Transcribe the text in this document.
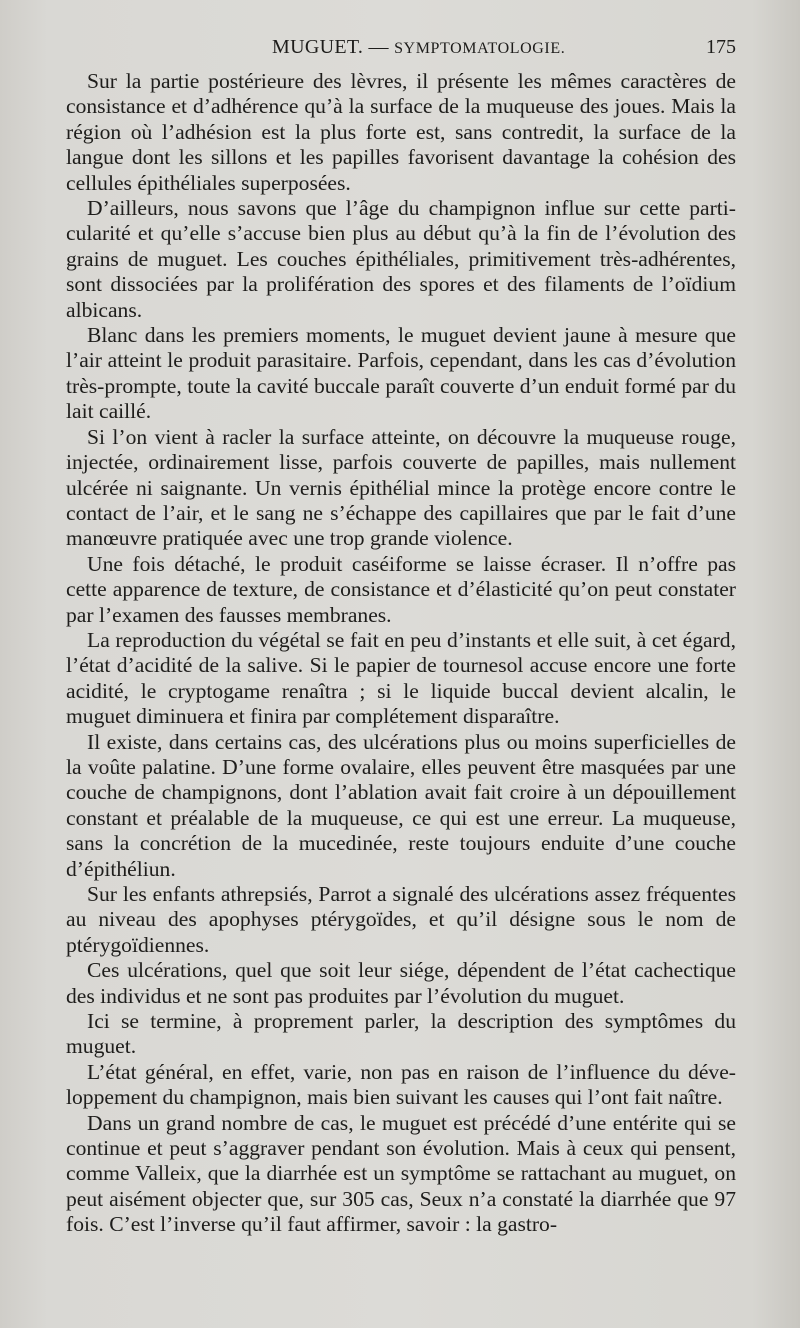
MUGUET. — SYMPTOMATOLOGIE.	175

Sur la partie postérieure des lèvres, il présente les mêmes caractères de consistance et d’adhérence qu’à la surface de la muqueuse des joues. Mais la région où l’adhésion est la plus forte est, sans contredit, la surface de la langue dont les sillons et les papilles favorisent davantage la cohésion des cellules épithéliales superposées.

D’ailleurs, nous savons que l’âge du champignon influe sur cette particularité et qu’elle s’accuse bien plus au début qu’à la fin de l’évolution des grains de muguet. Les couches épithéliales, primitivement très-adhérentes, sont dissociées par la prolifération des spores et des filaments de l’oïdium albicans.

Blanc dans les premiers moments, le muguet devient jaune à mesure que l’air atteint le produit parasitaire. Parfois, cependant, dans les cas d’évolution très-prompte, toute la cavité buccale paraît couverte d’un enduit formé par du lait caillé.

Si l’on vient à racler la surface atteinte, on découvre la muqueuse rouge, injectée, ordinairement lisse, parfois couverte de papilles, mais nullement ulcérée ni saignante. Un vernis épithélial mince la protège encore contre le contact de l’air, et le sang ne s’échappe des capillaires que par le fait d’une manœuvre pratiquée avec une trop grande violence.

Une fois détaché, le produit caséiforme se laisse écraser. Il n’offre pas cette apparence de texture, de consistance et d’élasticité qu’on peut constater par l’examen des fausses membranes.

La reproduction du végétal se fait en peu d’instants et elle suit, à cet égard, l’état d’acidité de la salive. Si le papier de tournesol accuse encore une forte acidité, le cryptogame renaîtra ; si le liquide buccal devient alcalin, le muguet diminuera et finira par complétement disparaître.

Il existe, dans certains cas, des ulcérations plus ou moins superficielles de la voûte palatine. D’une forme ovalaire, elles peuvent être masquées par une couche de champignons, dont l’ablation avait fait croire à un dépouillement constant et préalable de la muqueuse, ce qui est une erreur. La muqueuse, sans la concrétion de la mucedinée, reste toujours enduite d’une couche d’épithéliun.

Sur les enfants athrepsiés, Parrot a signalé des ulcérations assez fréquentes au niveau des apophyses ptérygoïdes, et qu’il désigne sous le nom de ptérygoïdiennes.

Ces ulcérations, quel que soit leur siége, dépendent de l’état cachectique des individus et ne sont pas produites par l’évolution du muguet.

Ici se termine, à proprement parler, la description des symptômes du muguet.

L’état général, en effet, varie, non pas en raison de l’influence du développement du champignon, mais bien suivant les causes qui l’ont fait naître.

Dans un grand nombre de cas, le muguet est précédé d’une entérite qui se continue et peut s’aggraver pendant son évolution. Mais à ceux qui pensent, comme Valleix, que la diarrhée est un symptôme se rattachant au muguet, on peut aisément objecter que, sur 305 cas, Seux n’a constaté la diarrhée que 97 fois. C’est l’inverse qu’il faut affirmer, savoir : la gastro-
